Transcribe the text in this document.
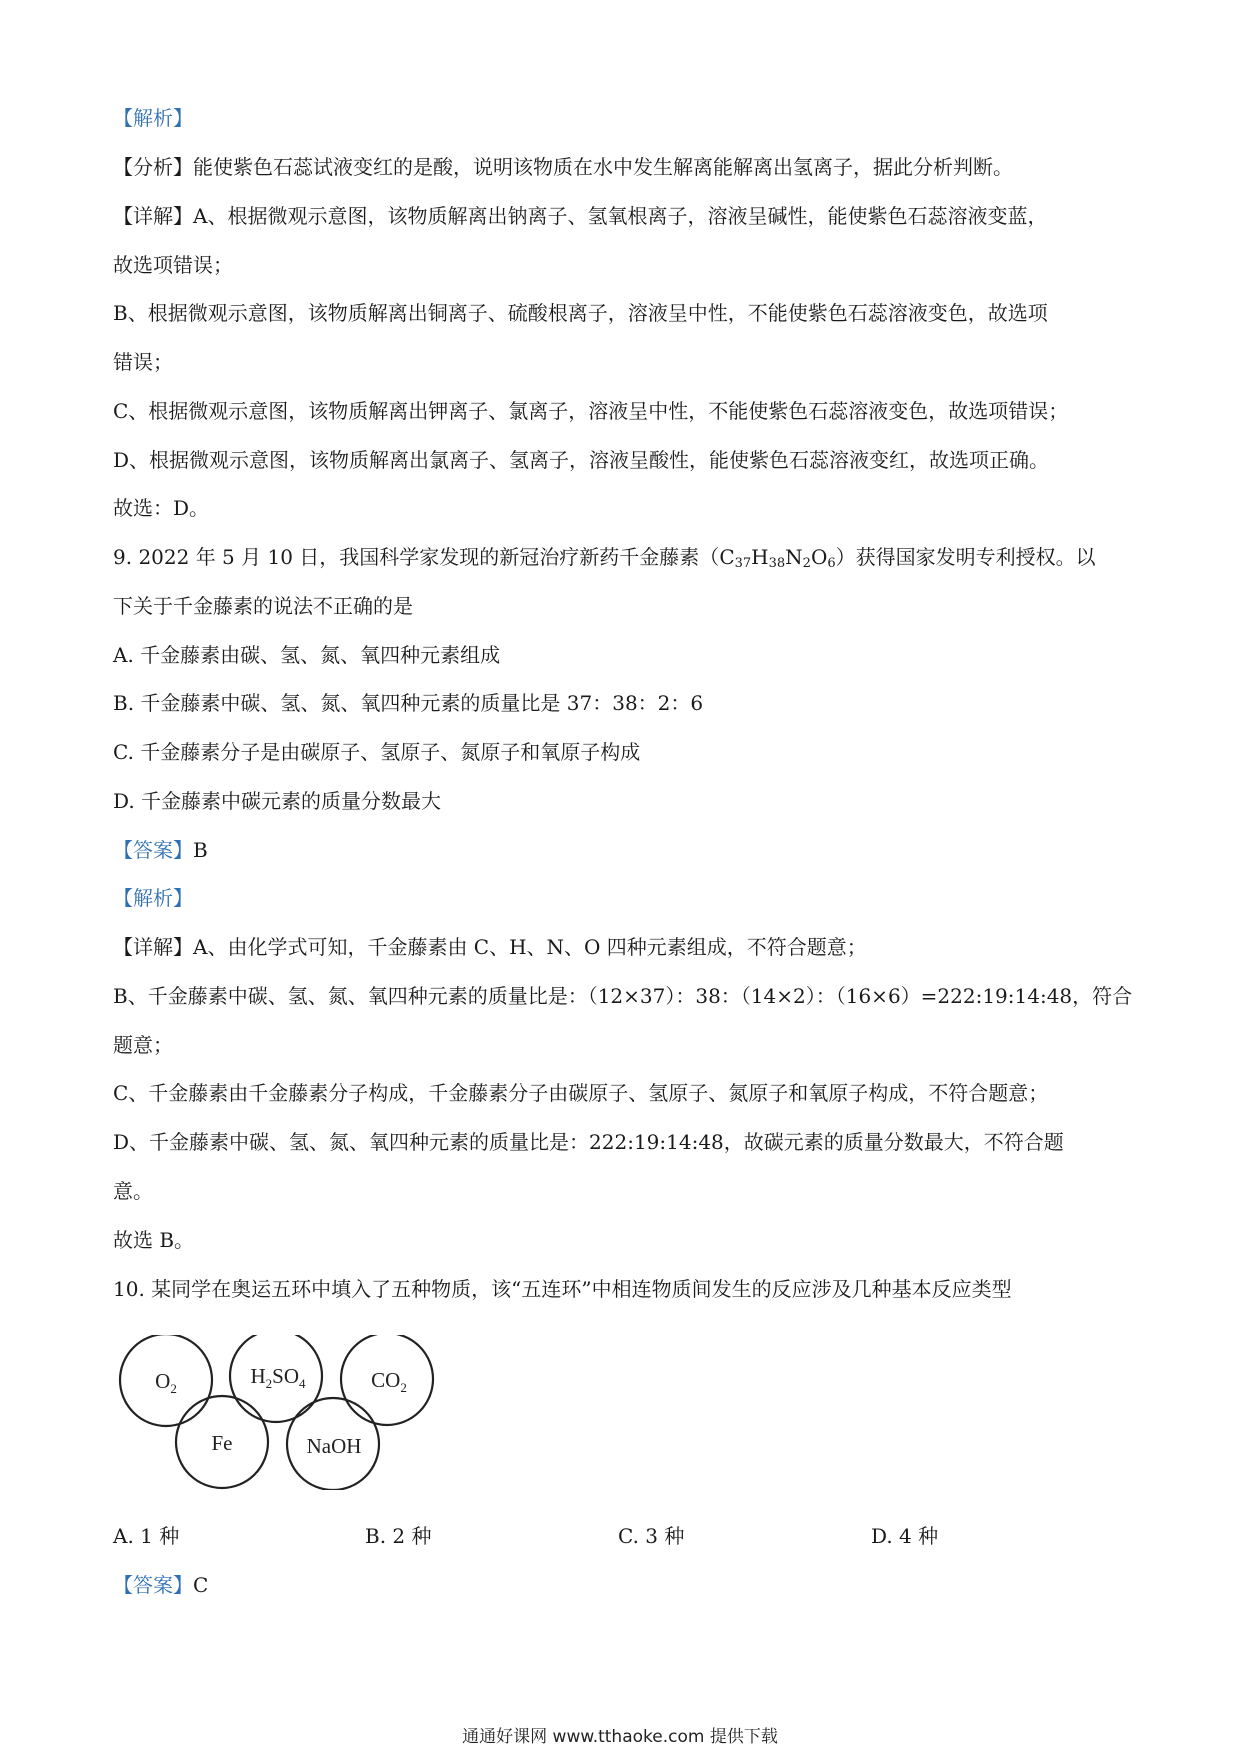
【解析】
【分析】能使紫色石蕊试液变红的是酸，说明该物质在水中发生解离能解离出氢离子，据此分析判断。
【详解】A、根据微观示意图，该物质解离出钠离子、氢氧根离子，溶液呈碱性，能使紫色石蕊溶液变蓝，
故选项错误；
B、根据微观示意图，该物质解离出铜离子、硫酸根离子，溶液呈中性，不能使紫色石蕊溶液变色，故选项
错误；
C、根据微观示意图，该物质解离出钾离子、氯离子，溶液呈中性，不能使紫色石蕊溶液变色，故选项错误；
D、根据微观示意图，该物质解离出氯离子、氢离子，溶液呈酸性，能使紫色石蕊溶液变红，故选项正确。
故选：D。
9. 2022 年 5 月 10 日，我国科学家发现的新冠治疗新药千金藤素$(C_{37}H_{38}N_2O_6)$获得国家发明专利授权。以
下关于千金藤素的说法不正确的是
A. 千金藤素由碳、氢、氮、氧四种元素组成
B. 千金藤素中碳、氢、氮、氧四种元素的质量比是 37：38：2：6
C. 千金藤素分子是由碳原子、氢原子、氮原子和氧原子构成
D. 千金藤素中碳元素的质量分数最大
【答案】B
【解析】
【详解】A、由化学式可知，千金藤素由 C、H、N、O 四种元素组成，不符合题意；
B、千金藤素中碳、氢、氮、氧四种元素的质量比是：（12×37）：38：（14×2）：（16×6）=222:19:14:48，符合
题意；
C、千金藤素由千金藤素分子构成，千金藤素分子由碳原子、氢原子、氮原子和氧原子构成，不符合题意；
D、千金藤素中碳、氢、氮、氧四种元素的质量比是：222:19:14:48，故碳元素的质量分数最大，不符合题
意。
故选 B。
10. 某同学在奥运五环中填入了五种物质，该“五连环”中相连物质间发生的反应涉及几种基本反应类型
$O_2$
$H_2SO_4$	$CO_2$
Fe	NaOH
A. 1 种	B. 2 种	C. 3 种	D. 4 种
【答案】C
通通好课网 www.tthaoke.com 提供下载
